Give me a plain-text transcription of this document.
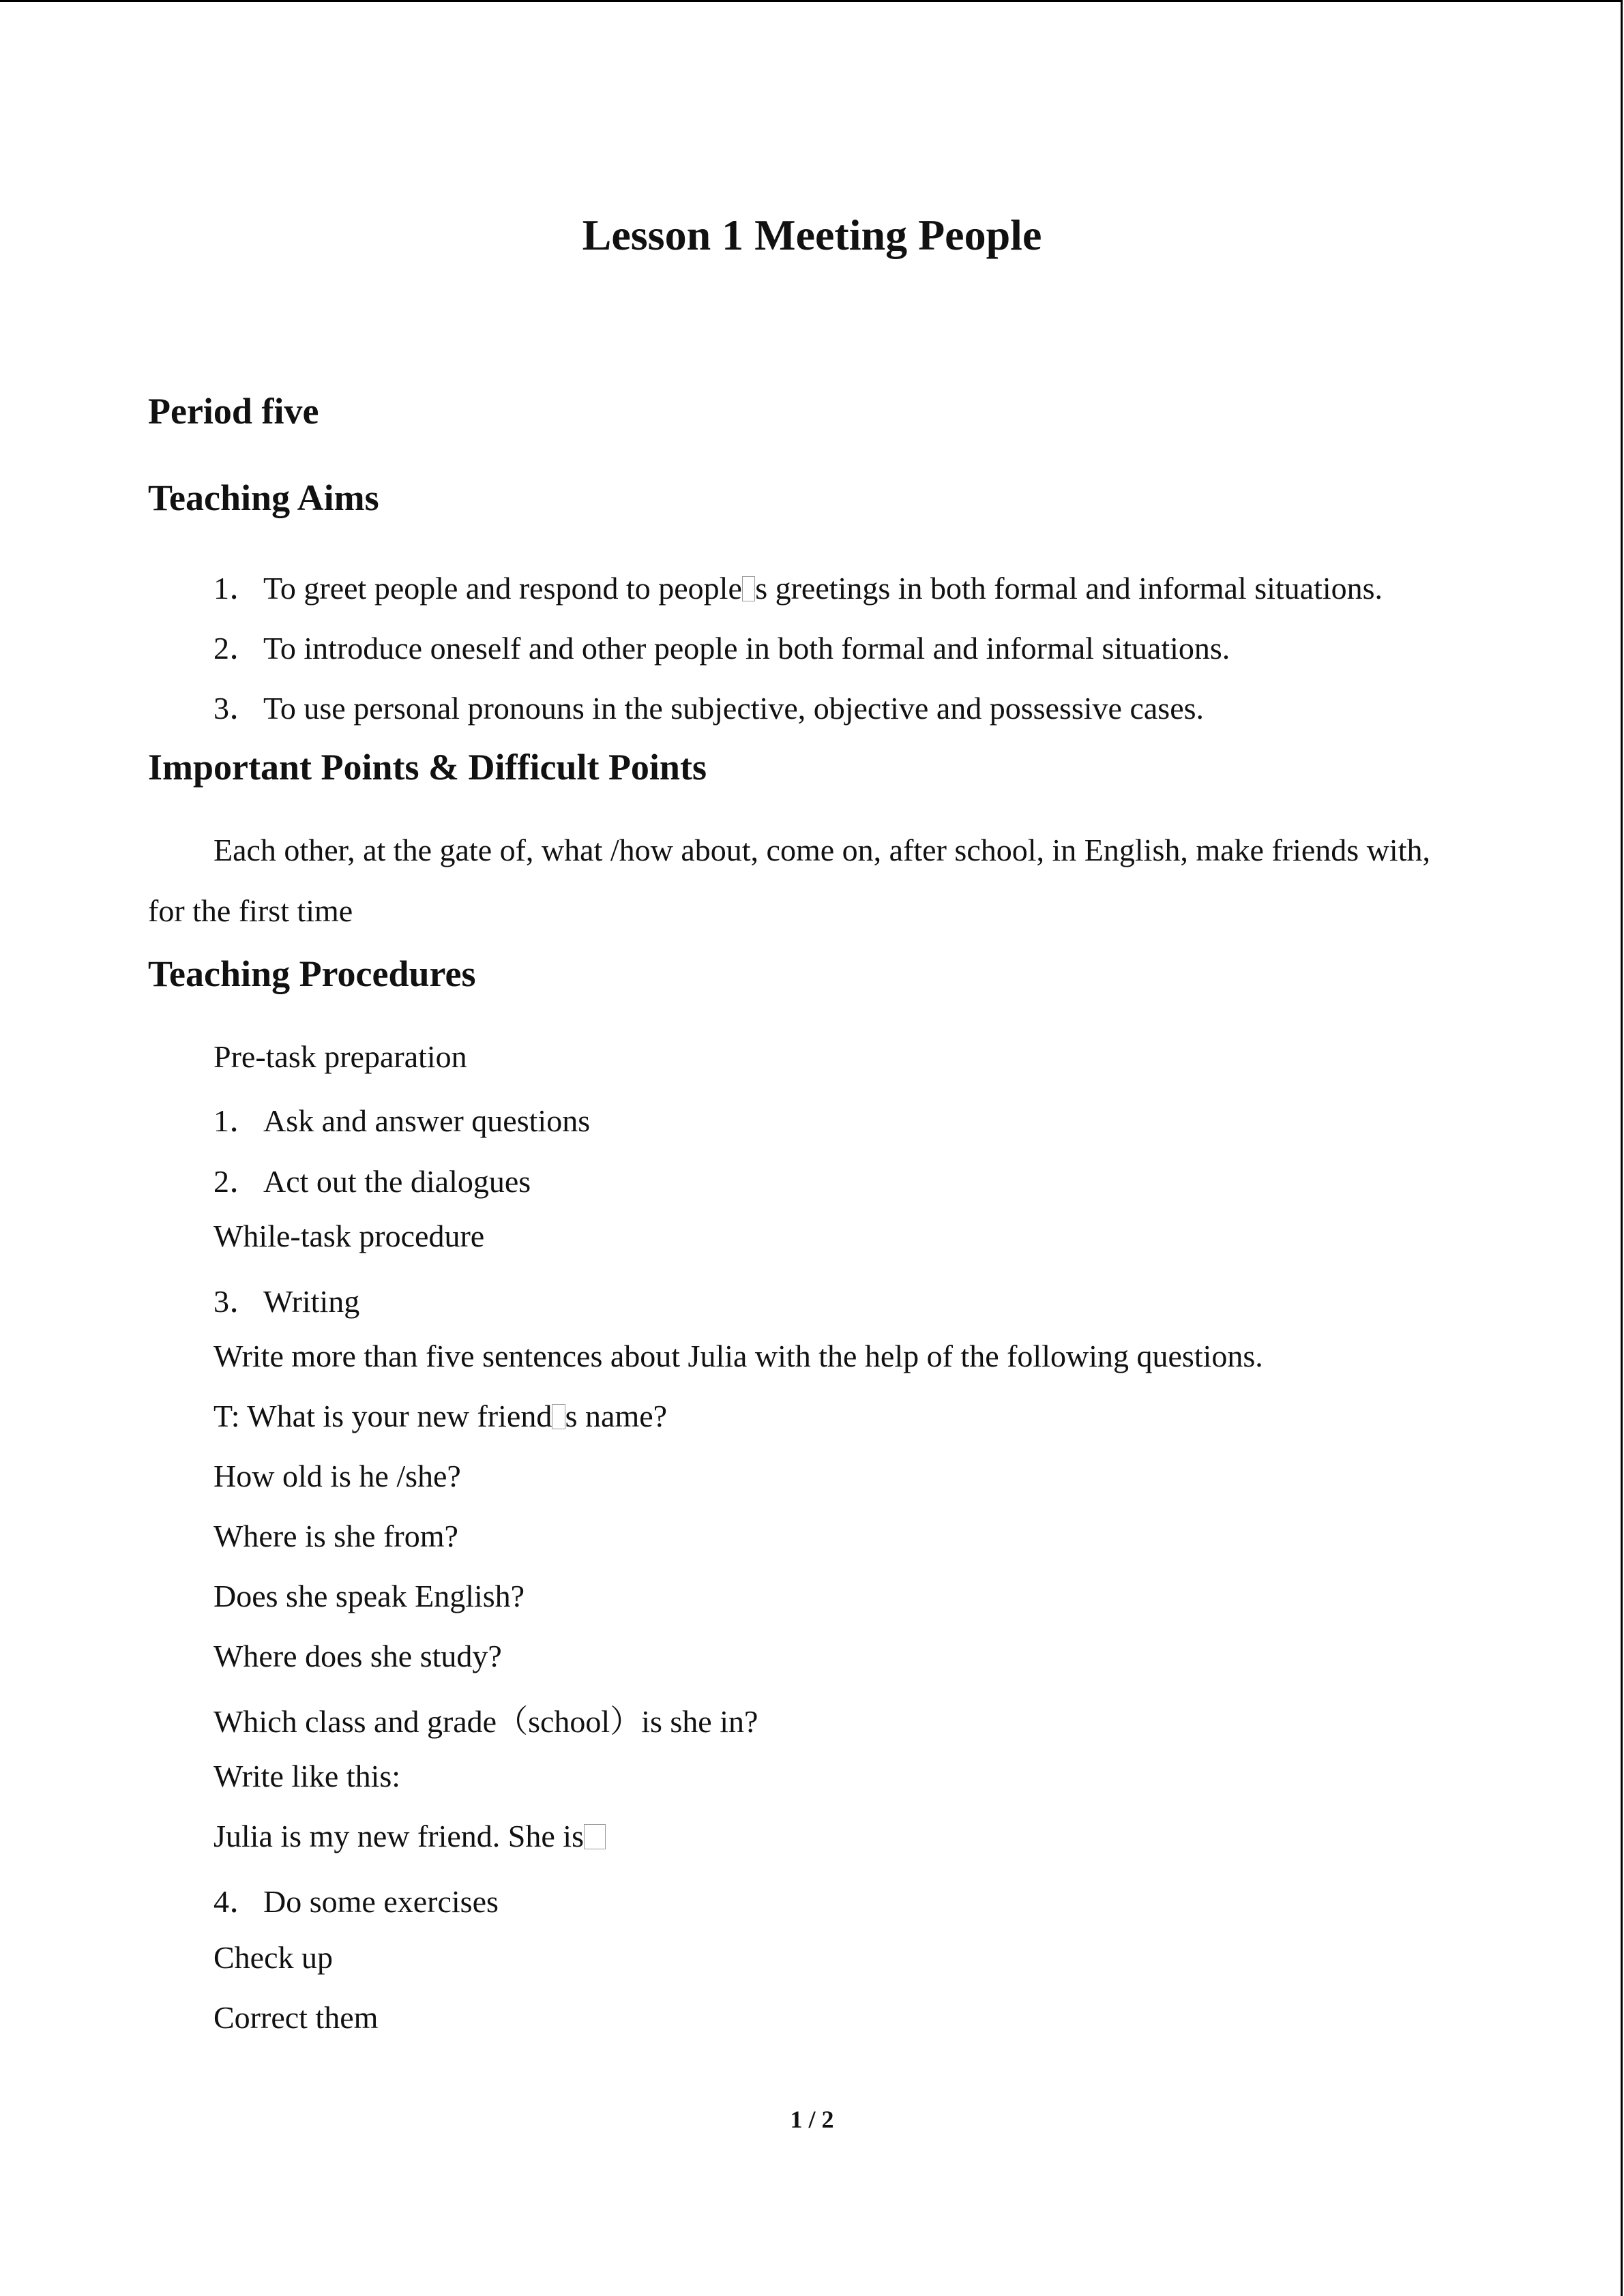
Lesson 1 Meeting People
Period five
Teaching Aims
1．To greet people and respond to people s greetings in both formal and informal situations.
2．To introduce oneself and other people in both formal and informal situations.
3．To use personal pronouns in the subjective, objective and possessive cases.
Important Points & Difficult Points
Each other, at the gate of, what /how about, come on, after school, in English, make friends with,
for the first time
Teaching Procedures
Pre-task preparation
1．Ask and answer questions
2．Act out the dialogues
While-task procedure
3．Writing
Write more than five sentences about Julia with the help of the following questions.
T: What is your new friend s name?
How old is he /she?
Where is she from?
Does she speak English?
Where does she study?
Which class and grade（school）is she in?
Write like this:
Julia is my new friend. She is
4．Do some exercises
Check up
Correct them
1 / 2
